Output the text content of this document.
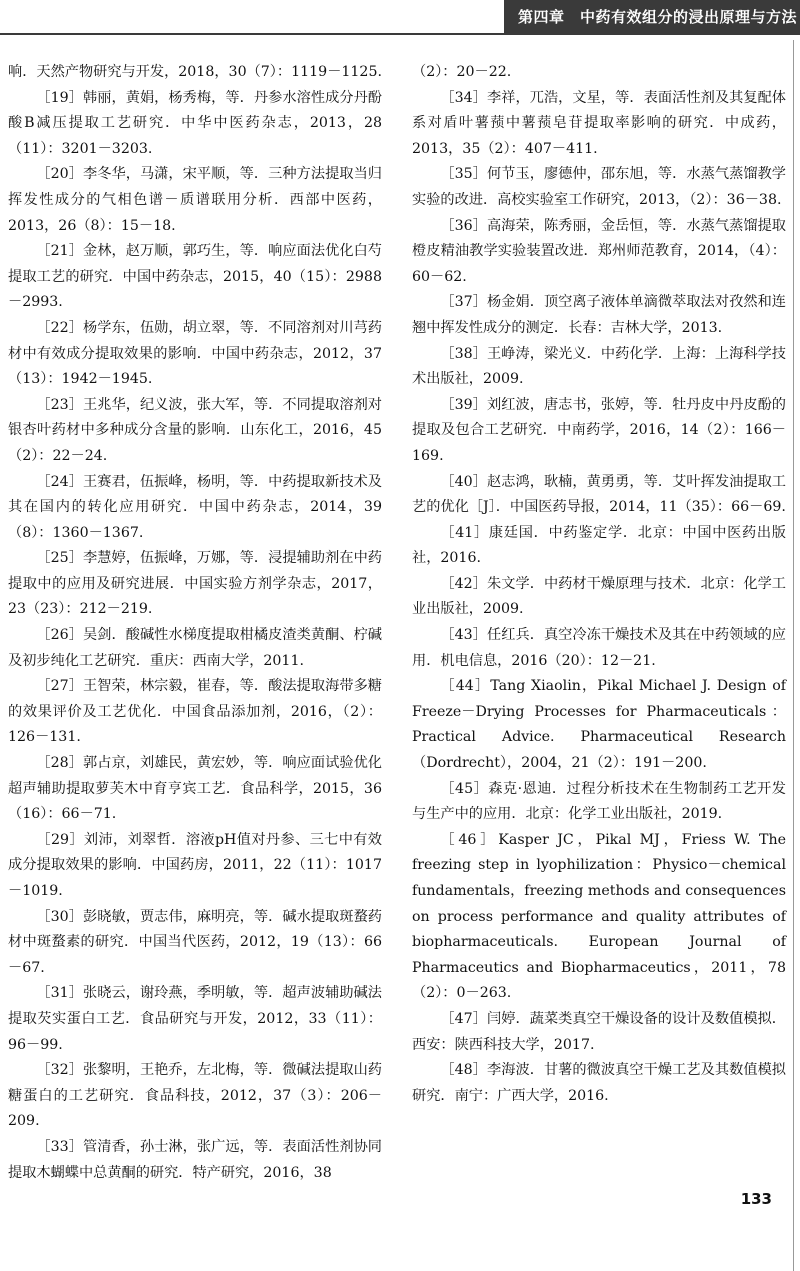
第四章　中药有效组分的浸出原理与方法

响．天然产物研究与开发，2018，30（7）：1119－1125.

［19］韩丽，黄娟，杨秀梅，等．丹参水溶性成分丹酚酸B减压提取工艺研究．中华中医药杂志，2013，28（11）：3201－3203.

［20］李冬华，马潇，宋平顺，等．三种方法提取当归挥发性成分的气相色谱－质谱联用分析．西部中医药，2013，26（8）：15－18.

［21］金林，赵万顺，郭巧生，等．响应面法优化白芍提取工艺的研究．中国中药杂志，2015，40（15）：2988－2993.

［22］杨学东，伍勋，胡立翠，等．不同溶剂对川芎药材中有效成分提取效果的影响．中国中药杂志，2012，37（13）：1942－1945.

［23］王兆华，纪义波，张大军，等．不同提取溶剂对银杏叶药材中多种成分含量的影响．山东化工，2016，45（2）：22－24.

［24］王赛君，伍振峰，杨明，等．中药提取新技术及其在国内的转化应用研究．中国中药杂志，2014，39（8）：1360－1367.

［25］李慧婷，伍振峰，万娜，等．浸提辅助剂在中药提取中的应用及研究进展．中国实验方剂学杂志，2017，23（23）：212－219.

［26］吴剑．酸碱性水梯度提取柑橘皮渣类黄酮、柠碱及初步纯化工艺研究．重庆：西南大学，2011.

［27］王智荣，林宗毅，崔春，等．酸法提取海带多糖的效果评价及工艺优化．中国食品添加剂，2016，（2）：126－131.

［28］郭占京，刘雄民，黄宏妙，等．响应面试验优化超声辅助提取萝芙木中育亨宾工艺．食品科学，2015，36（16）：66－71.

［29］刘沛，刘翠哲．溶液pH值对丹参、三七中有效成分提取效果的影响．中国药房，2011，22（11）：1017－1019.

［30］彭晓敏，贾志伟，麻明亮，等．碱水提取斑蝥药材中斑蝥素的研究．中国当代医药，2012，19（13）：66－67.

［31］张晓云，谢玲燕，季明敏，等．超声波辅助碱法提取芡实蛋白工艺．食品研究与开发，2012，33（11）：96－99.

［32］张黎明，王艳乔，左北梅，等．微碱法提取山药糖蛋白的工艺研究．食品科技，2012，37（3）：206－209.

［33］管清香，孙士淋，张广远，等．表面活性剂协同提取木蝴蝶中总黄酮的研究．特产研究，2016，38

（2）：20－22.

［34］李祥，兀浩，文星，等．表面活性剂及其复配体系对盾叶薯蓣中薯蓣皂苷提取率影响的研究．中成药，2013，35（2）：407－411.

［35］何节玉，廖德仲，邵东旭，等．水蒸气蒸馏教学实验的改进．高校实验室工作研究，2013，（2）：36－38.

［36］高海荣，陈秀丽，金岳恒，等．水蒸气蒸馏提取橙皮精油教学实验装置改进．郑州师范教育，2014，（4）：60－62.

［37］杨金娟．顶空离子液体单滴微萃取法对孜然和连翘中挥发性成分的测定．长春：吉林大学，2013.

［38］王峥涛，梁光义．中药化学．上海：上海科学技术出版社，2009.

［39］刘红波，唐志书，张婷，等．牡丹皮中丹皮酚的提取及包合工艺研究．中南药学，2016，14（2）：166－169.

［40］赵志鸿，耿楠，黄勇勇，等．艾叶挥发油提取工艺的优化［J］．中国医药导报，2014，11（35）：66－69.

［41］康廷国．中药鉴定学．北京：中国中医药出版社，2016.

［42］朱文学．中药材干燥原理与技术．北京：化学工业出版社，2009.

［43］任红兵．真空冷冻干燥技术及其在中药领域的应用．机电信息，2016（20）：12－21.

［44］Tang Xiaolin，Pikal Michael J. Design of Freeze－Drying Processes for Pharmaceuticals：Practical Advice. Pharmaceutical Research（Dordrecht），2004，21（2）：191－200.

［45］森克·恩迪．过程分析技术在生物制药工艺开发与生产中的应用．北京：化学工业出版社，2019.

［46］Kasper JC，Pikal MJ，Friess W. The freezing step in lyophilization：Physico－chemical fundamentals，freezing methods and consequences on process performance and quality attributes of biopharmaceuticals. European Journal of Pharmaceutics and Biopharmaceutics，2011，78（2）：0－263.

［47］闫婷．蔬菜类真空干燥设备的设计及数值模拟．西安：陕西科技大学，2017.

［48］李海波．甘薯的微波真空干燥工艺及其数值模拟研究．南宁：广西大学，2016.

133
